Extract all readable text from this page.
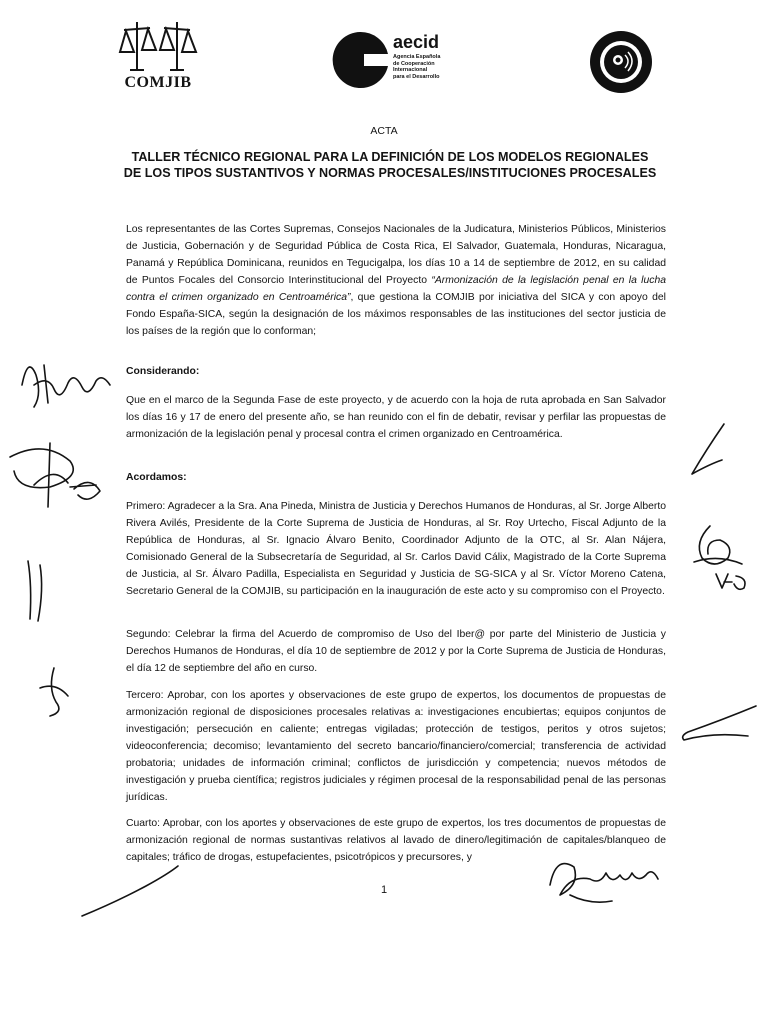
COMJIB
aecid
Agencia Española
de Cooperación
Internacional
para el Desarrollo
ACTA
TALLER TÉCNICO REGIONAL PARA LA DEFINICIÓN DE LOS MODELOS REGIONALES
DE LOS TIPOS SUSTANTIVOS Y NORMAS PROCESALES/INSTITUCIONES PROCESALES

Los representantes de las Cortes Supremas, Consejos Nacionales de la Judicatura, Ministerios Públicos, Ministerios de Justicia, Gobernación y de Seguridad Pública de Costa Rica, El Salvador, Guatemala, Honduras, Nicaragua, Panamá y República Dominicana, reunidos en Tegucigalpa, los días 10 a 14 de septiembre de 2012, en su calidad de Puntos Focales del Consorcio Interinstitucional del Proyecto “Armonización de la legislación penal en la lucha contra el crimen organizado en Centroamérica”, que gestiona la COMJIB por iniciativa del SICA y con apoyo del Fondo España-SICA, según la designación de los máximos responsables de las instituciones del sector justicia de los países de la región que lo conforman;

Considerando:
Que en el marco de la Segunda Fase de este proyecto, y de acuerdo con la hoja de ruta aprobada en San Salvador los días 16 y 17 de enero del presente año, se han reunido con el fin de debatir, revisar y perfilar las propuestas de armonización de la legislación penal y procesal contra el crimen organizado en Centroamérica.
Acordamos:
Primero: Agradecer a la Sra. Ana Pineda, Ministra de Justicia y Derechos Humanos de Honduras, al Sr. Jorge Alberto Rivera Avilés, Presidente de la Corte Suprema de Justicia de Honduras, al Sr. Roy Urtecho, Fiscal Adjunto de la República de Honduras, al Sr. Ignacio Álvaro Benito, Coordinador Adjunto de la OTC, al Sr. Alan Nájera, Comisionado General de la Subsecretaría de Seguridad, al Sr. Carlos David Cálix, Magistrado de la Corte Suprema de Justicia, al Sr. Álvaro Padilla, Especialista en Seguridad y Justicia de SG-SICA y al Sr. Víctor Moreno Catena, Secretario General de la COMJIB, su participación en la inauguración de este acto y su compromiso con el Proyecto.
Segundo: Celebrar la firma del Acuerdo de compromiso de Uso del Iber@ por parte del Ministerio de Justicia y Derechos Humanos de Honduras, el día 10 de septiembre de 2012 y por la Corte Suprema de Justicia de Honduras, el día 12 de septiembre del año en curso.
Tercero: Aprobar, con los aportes y observaciones de este grupo de expertos, los documentos de propuestas de armonización regional de disposiciones procesales relativas a: investigaciones encubiertas; equipos conjuntos de investigación; persecución en caliente; entregas vigiladas; protección de testigos, peritos y otros sujetos; videoconferencia; decomiso; levantamiento del secreto bancario/financiero/comercial; transferencia de actividad probatoria; unidades de información criminal; conflictos de jurisdicción y competencia; nuevos métodos de investigación y prueba científica; registros judiciales y régimen procesal de la responsabilidad penal de las personas jurídicas.
Cuarto: Aprobar, con los aportes y observaciones de este grupo de expertos, los tres documentos de propuestas de armonización regional de normas sustantivas relativos al lavado de dinero/legitimación de capitales/blanqueo de capitales; tráfico de drogas, estupefacientes, psicotrópicos y precursores, y
1
